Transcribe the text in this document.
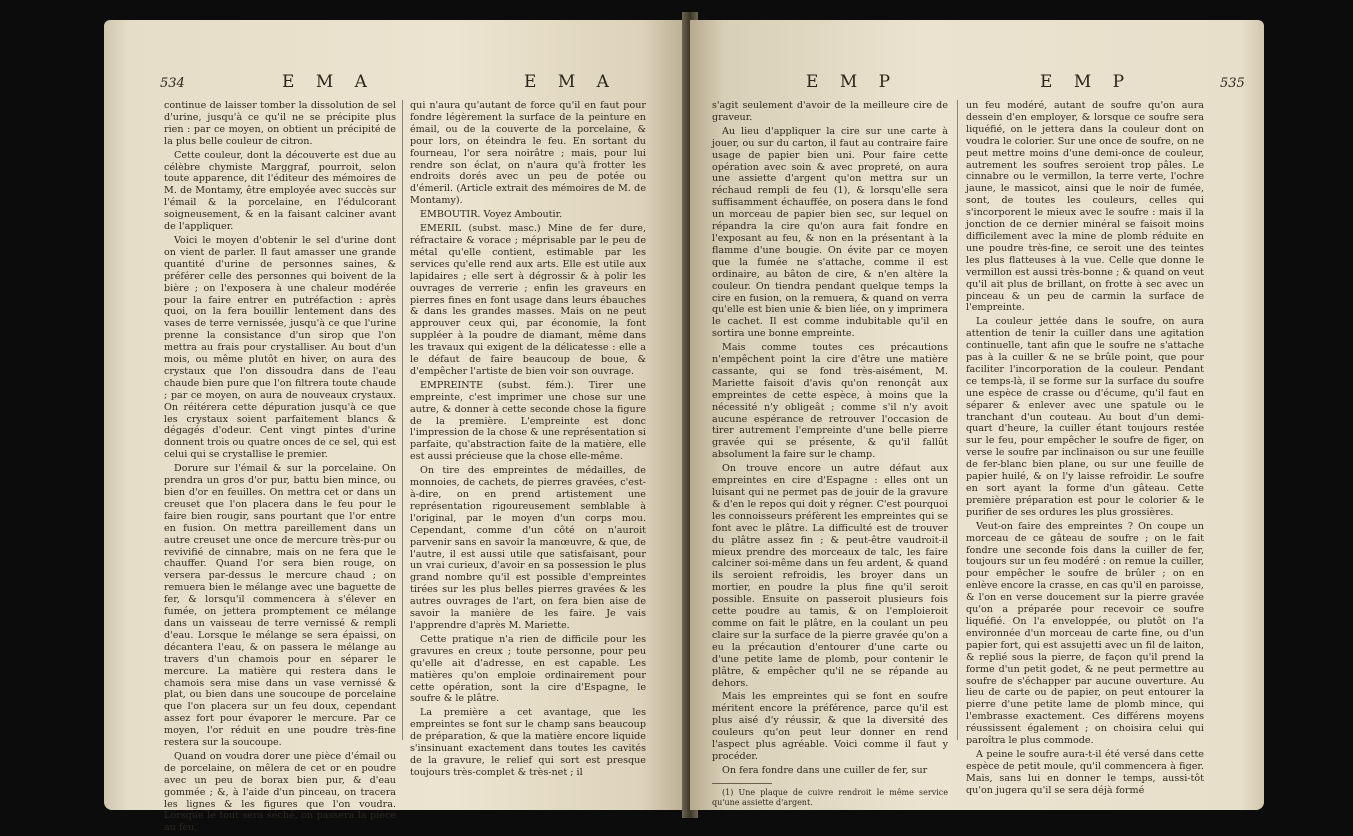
534	E M A	E M A

continue de laisser tomber la dissolution de sel d'urine, jusqu'à ce qu'il ne se précipite plus rien : par ce moyen, on obtient un précipité de la plus belle couleur de citron.

Cette couleur, dont la découverte est due au célèbre chymiste Marggraf, pourroit, selon toute apparence, dit l'éditeur des mémoires de M. de Montamy, être employée avec succès sur l'émail & la porcelaine, en l'édulcorant soigneusement, & en la faisant calciner avant de l'appliquer.

Voici le moyen d'obtenir le sel d'urine dont on vient de parler. Il faut amasser une grande quantité d'urine de personnes saines, & préférer celle des personnes qui boivent de la bière ; on l'exposera à une chaleur modérée pour la faire entrer en putréfaction : après quoi, on la fera bouillir lentement dans des vases de terre vernissée, jusqu'à ce que l'urine prenne la consistance d'un sirop que l'on mettra au frais pour crystalliser. Au bout d'un mois, ou même plutôt en hiver, on aura des crystaux que l'on dissoudra dans de l'eau chaude bien pure que l'on filtrera toute chaude ; par ce moyen, on aura de nouveaux crystaux. On réitérera cette dépuration jusqu'à ce que les crystaux soient parfaitement blancs & dégagés d'odeur. Cent vingt pintes d'urine donnent trois ou quatre onces de ce sel, qui est celui qui se crystallise le premier.

Dorure sur l'émail & sur la porcelaine. On prendra un gros d'or pur, battu bien mince, ou bien d'or en feuilles. On mettra cet or dans un creuset que l'on placera dans le feu pour le faire bien rougir, sans pourtant que l'or entre en fusion. On mettra pareillement dans un autre creuset une once de mercure très-pur ou revivifié de cinnabre, mais on ne fera que le chauffer. Quand l'or sera bien rouge, on versera par-dessus le mercure chaud ; on remuera bien le mélange avec une baguette de fer, & lorsqu'il commencera à s'élever en fumée, on jettera promptement ce mélange dans un vaisseau de terre vernissé & rempli d'eau. Lorsque le mélange se sera épaissi, on décantera l'eau, & on passera le mélange au travers d'un chamois pour en séparer le mercure. La matière qui restera dans le chamois sera mise dans un vase vernissé & plat, ou bien dans une soucoupe de porcelaine que l'on placera sur un feu doux, cependant assez fort pour évaporer le mercure. Par ce moyen, l'or réduit en une poudre très-fine restera sur la soucoupe.

Quand on voudra dorer une pièce d'émail ou de porcelaine, on mêlera de cet or en poudre avec un peu de borax bien pur, & d'eau gommée ; &, à l'aide d'un pinceau, on tracera les lignes & les figures que l'on voudra. Lorsque le tout sera séché, on passera la pièce au feu,

qui n'aura qu'autant de force qu'il en faut pour fondre légèrement la surface de la peinture en émail, ou de la couverte de la porcelaine, & pour lors, on éteindra le feu. En sortant du fourneau, l'or sera noirâtre ; mais, pour lui rendre son éclat, on n'aura qu'à frotter les endroits dorés avec un peu de potée ou d'émeril. (Article extrait des mémoires de M. de Montamy).

EMBOUTIR. Voyez Amboutir.

EMERIL (subst. masc.) Mine de fer dure, réfractaire & vorace ; méprisable par le peu de métal qu'elle contient, estimable par les services qu'elle rend aux arts. Elle est utile aux lapidaires ; elle sert à dégrossir & à polir les ouvrages de verrerie ; enfin les graveurs en pierres fines en font usage dans leurs ébauches & dans les grandes masses. Mais on ne peut approuver ceux qui, par économie, la font suppléer à la poudre de diamant, même dans les travaux qui exigent de la délicatesse : elle a le défaut de faire beaucoup de boue, & d'empêcher l'artiste de bien voir son ouvrage.

EMPREINTE (subst. fém.). Tirer une empreinte, c'est imprimer une chose sur une autre, & donner à cette seconde chose la figure de la première. L'empreinte est donc l'impression de la chose & une représentation si parfaite, qu'abstraction faite de la matière, elle est aussi précieuse que la chose elle-même.

On tire des empreintes de médailles, de monnoies, de cachets, de pierres gravées, c'est-à-dire, on en prend artistement une représentation rigoureusement semblable à l'original, par le moyen d'un corps mou. Cependant, comme d'un côté on n'auroit parvenir sans en savoir la manœuvre, & que, de l'autre, il est aussi utile que satisfaisant, pour un vrai curieux, d'avoir en sa possession le plus grand nombre qu'il est possible d'empreintes tirées sur les plus belles pierres gravées & les autres ouvrages de l'art, on fera bien aise de savoir la manière de les faire. Je vais l'apprendre d'après M. Mariette.

Cette pratique n'a rien de difficile pour les gravures en creux ; toute personne, pour peu qu'elle ait d'adresse, en est capable. Les matières qu'on emploie ordinairement pour cette opération, sont la cire d'Espagne, le soufre & le plâtre.

La première a cet avantage, que les empreintes se font sur le champ sans beaucoup de préparation, & que la matière encore liquide s'insinuant exactement dans toutes les cavités de la gravure, le relief qui sort est presque toujours très-complet & très-net ; il

E M P	E M P	535

s'agit seulement d'avoir de la meilleure cire de graveur.

Au lieu d'appliquer la cire sur une carte à jouer, ou sur du carton, il faut au contraire faire usage de papier bien uni. Pour faire cette opération avec soin & avec propreté, on aura une assiette d'argent qu'on mettra sur un réchaud rempli de feu (1), & lorsqu'elle sera suffisamment échauffée, on posera dans le fond un morceau de papier bien sec, sur lequel on répandra la cire qu'on aura fait fondre en l'exposant au feu, & non en la présentant à la flamme d'une bougie. On évite par ce moyen que la fumée ne s'attache, comme il est ordinaire, au bâton de cire, & n'en altère la couleur. On tiendra pendant quelque temps la cire en fusion, on la remuera, & quand on verra qu'elle est bien unie & bien liée, on y imprimera le cachet. Il est comme indubitable qu'il en sortira une bonne empreinte.

Mais comme toutes ces précautions n'empêchent point la cire d'être une matière cassante, qui se fond très-aisément, M. Mariette faisoit d'avis qu'on renonçât aux empreintes de cette espèce, à moins que la nécessité n'y obligeât ; comme s'il n'y avoit aucune espérance de retrouver l'occasion de tirer autrement l'empreinte d'une belle pierre gravée qui se présente, & qu'il fallût absolument la faire sur le champ.

On trouve encore un autre défaut aux empreintes en cire d'Espagne : elles ont un luisant qui ne permet pas de jouir de la gravure & d'en le repos qui doit y régner. C'est pourquoi les connoisseurs préfèrent les empreintes qui se font avec le plâtre. La difficulté est de trouver du plâtre assez fin ; & peut-être vaudroit-il mieux prendre des morceaux de talc, les faire calciner soi-même dans un feu ardent, & quand ils seroient refroidis, les broyer dans un mortier, en poudre la plus fine qu'il seroit possible. Ensuite on passeroit plusieurs fois cette poudre au tamis, & on l'emploieroit comme on fait le plâtre, en la coulant un peu claire sur la surface de la pierre gravée qu'on a eu la précaution d'entourer d'une carte ou d'une petite lame de plomb, pour contenir le plâtre, & empêcher qu'il ne se répande au dehors.

Mais les empreintes qui se font en soufre méritent encore la préférence, parce qu'il est plus aisé d'y réussir, & que la diversité des couleurs qu'on peut leur donner en rend l'aspect plus agréable. Voici comme il faut y procéder.

On fera fondre dans une cuiller de fer, sur

(1) Une plaque de cuivre rendroit le même service qu'une assiette d'argent.

un feu modéré, autant de soufre qu'on aura dessein d'en employer, & lorsque ce soufre sera liquéfié, on le jettera dans la couleur dont on voudra le colorier. Sur une once de soufre, on ne peut mettre moins d'une demi-once de couleur, autrement les soufres seroient trop pâles. Le cinnabre ou le vermillon, la terre verte, l'ochre jaune, le massicot, ainsi que le noir de fumée, sont, de toutes les couleurs, celles qui s'incorporent le mieux avec le soufre : mais il la jonction de ce dernier minéral se faisoit moins difficilement avec la mine de plomb réduite en une poudre très-fine, ce seroit une des teintes les plus flatteuses à la vue. Celle que donne le vermillon est aussi très-bonne ; & quand on veut qu'il ait plus de brillant, on frotte à sec avec un pinceau & un peu de carmin la surface de l'empreinte.

La couleur jettée dans le soufre, on aura attention de tenir la cuiller dans une agitation continuelle, tant afin que le soufre ne s'attache pas à la cuiller & ne se brûle point, que pour faciliter l'incorporation de la couleur. Pendant ce temps-là, il se forme sur la surface du soufre une espèce de crasse ou d'écume, qu'il faut en séparer & enlever avec une spatule ou le tranchant d'un couteau. Au bout d'un demi-quart d'heure, la cuiller étant toujours restée sur le feu, pour empêcher le soufre de figer, on verse le soufre par inclinaison ou sur une feuille de fer-blanc bien plane, ou sur une feuille de papier huilé, & on l'y laisse refroidir. Le soufre en sort ayant la forme d'un gâteau. Cette première préparation est pour le colorier & le purifier de ses ordures les plus grossières.

Veut-on faire des empreintes ? On coupe un morceau de ce gâteau de soufre ; on le fait fondre une seconde fois dans la cuiller de fer, toujours sur un feu modéré : on remue la cuiller, pour empêcher le soufre de brûler ; on en enlève encore la crasse, en cas qu'il en paroisse, & l'on en verse doucement sur la pierre gravée qu'on a préparée pour recevoir ce soufre liquéfié. On l'a enveloppée, ou plutôt on l'a environnée d'un morceau de carte fine, ou d'un papier fort, qui est assujetti avec un fil de laiton, & replié sous la pierre, de façon qu'il prend la forme d'un petit godet, & ne peut permettre au soufre de s'échapper par aucune ouverture. Au lieu de carte ou de papier, on peut entourer la pierre d'une petite lame de plomb mince, qui l'embrasse exactement. Ces différens moyens réussissent également ; on choisira celui qui paroîtra le plus commode.

A peine le soufre aura-t-il été versé dans cette espèce de petit moule, qu'il commencera à figer. Mais, sans lui en donner le temps, aussi-tôt qu'on jugera qu'il se sera déjà formé
